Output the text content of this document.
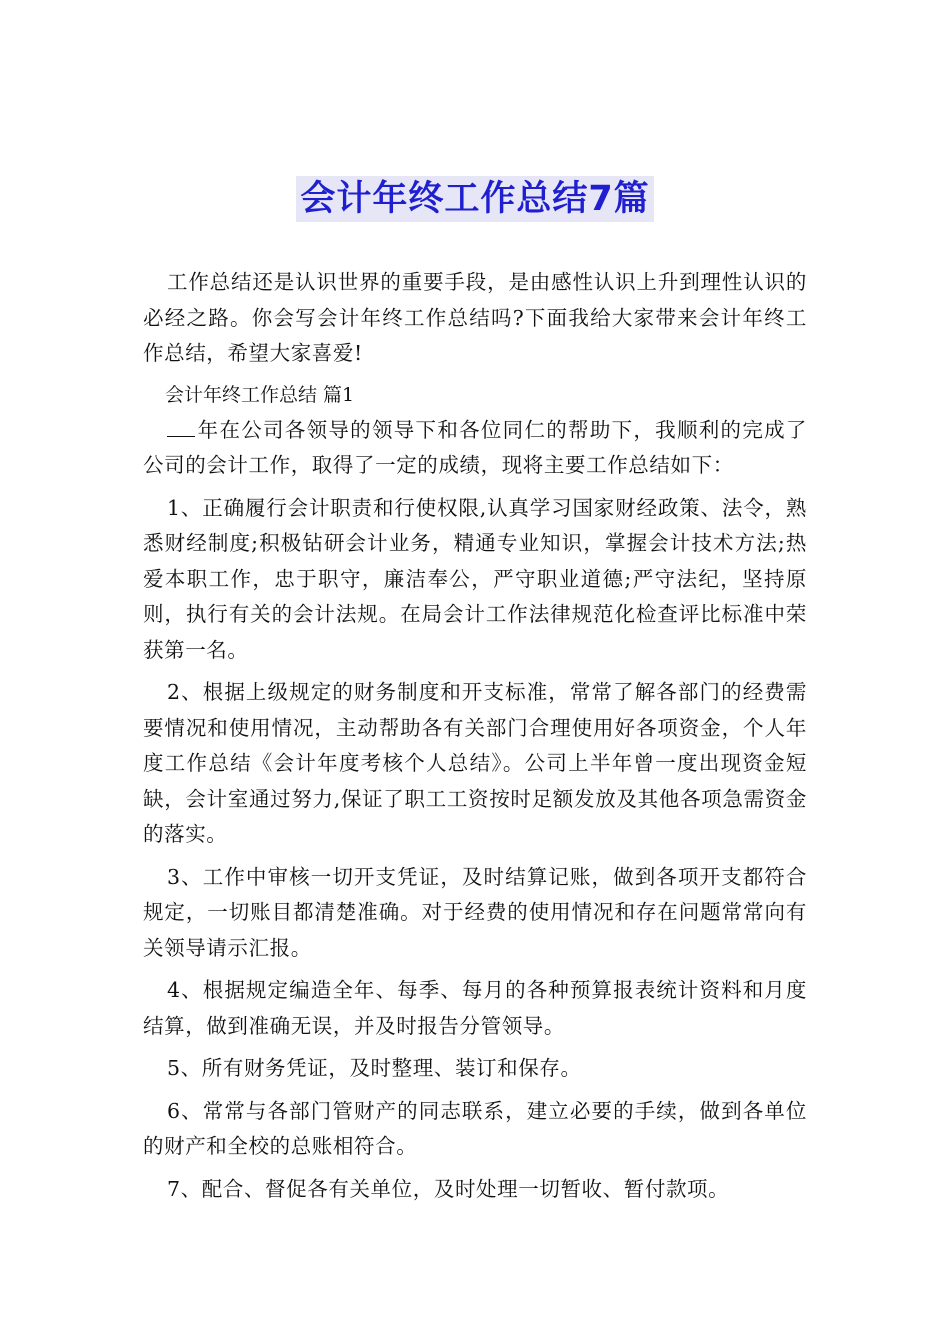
会计年终工作总结7篇

工作总结还是认识世界的重要手段，是由感性认识上升到理性认识的必经之路。你会写会计年终工作总结吗?下面我给大家带来会计年终工作总结，希望大家喜爱!

会计年终工作总结 篇1

年在公司各领导的领导下和各位同仁的帮助下，我顺利的完成了公司的会计工作，取得了一定的成绩，现将主要工作总结如下：

1、正确履行会计职责和行使权限,认真学习国家财经政策、法令，熟悉财经制度;积极钻研会计业务，精通专业知识，掌握会计技术方法;热爱本职工作，忠于职守，廉洁奉公，严守职业道德;严守法纪，坚持原则，执行有关的会计法规。在局会计工作法律规范化检查评比标准中荣获第一名。

2、根据上级规定的财务制度和开支标准，常常了解各部门的经费需要情况和使用情况，主动帮助各有关部门合理使用好各项资金，个人年度工作总结《会计年度考核个人总结》。公司上半年曾一度出现资金短缺，会计室通过努力,保证了职工工资按时足额发放及其他各项急需资金的落实。

3、工作中审核一切开支凭证，及时结算记账，做到各项开支都符合规定，一切账目都清楚准确。对于经费的使用情况和存在问题常常向有关领导请示汇报。

4、根据规定编造全年、每季、每月的各种预算报表统计资料和月度结算，做到准确无误，并及时报告分管领导。

5、所有财务凭证，及时整理、装订和保存。

6、常常与各部门管财产的同志联系，建立必要的手续，做到各单位的财产和全校的总账相符合。

7、配合、督促各有关单位，及时处理一切暂收、暂付款项。
